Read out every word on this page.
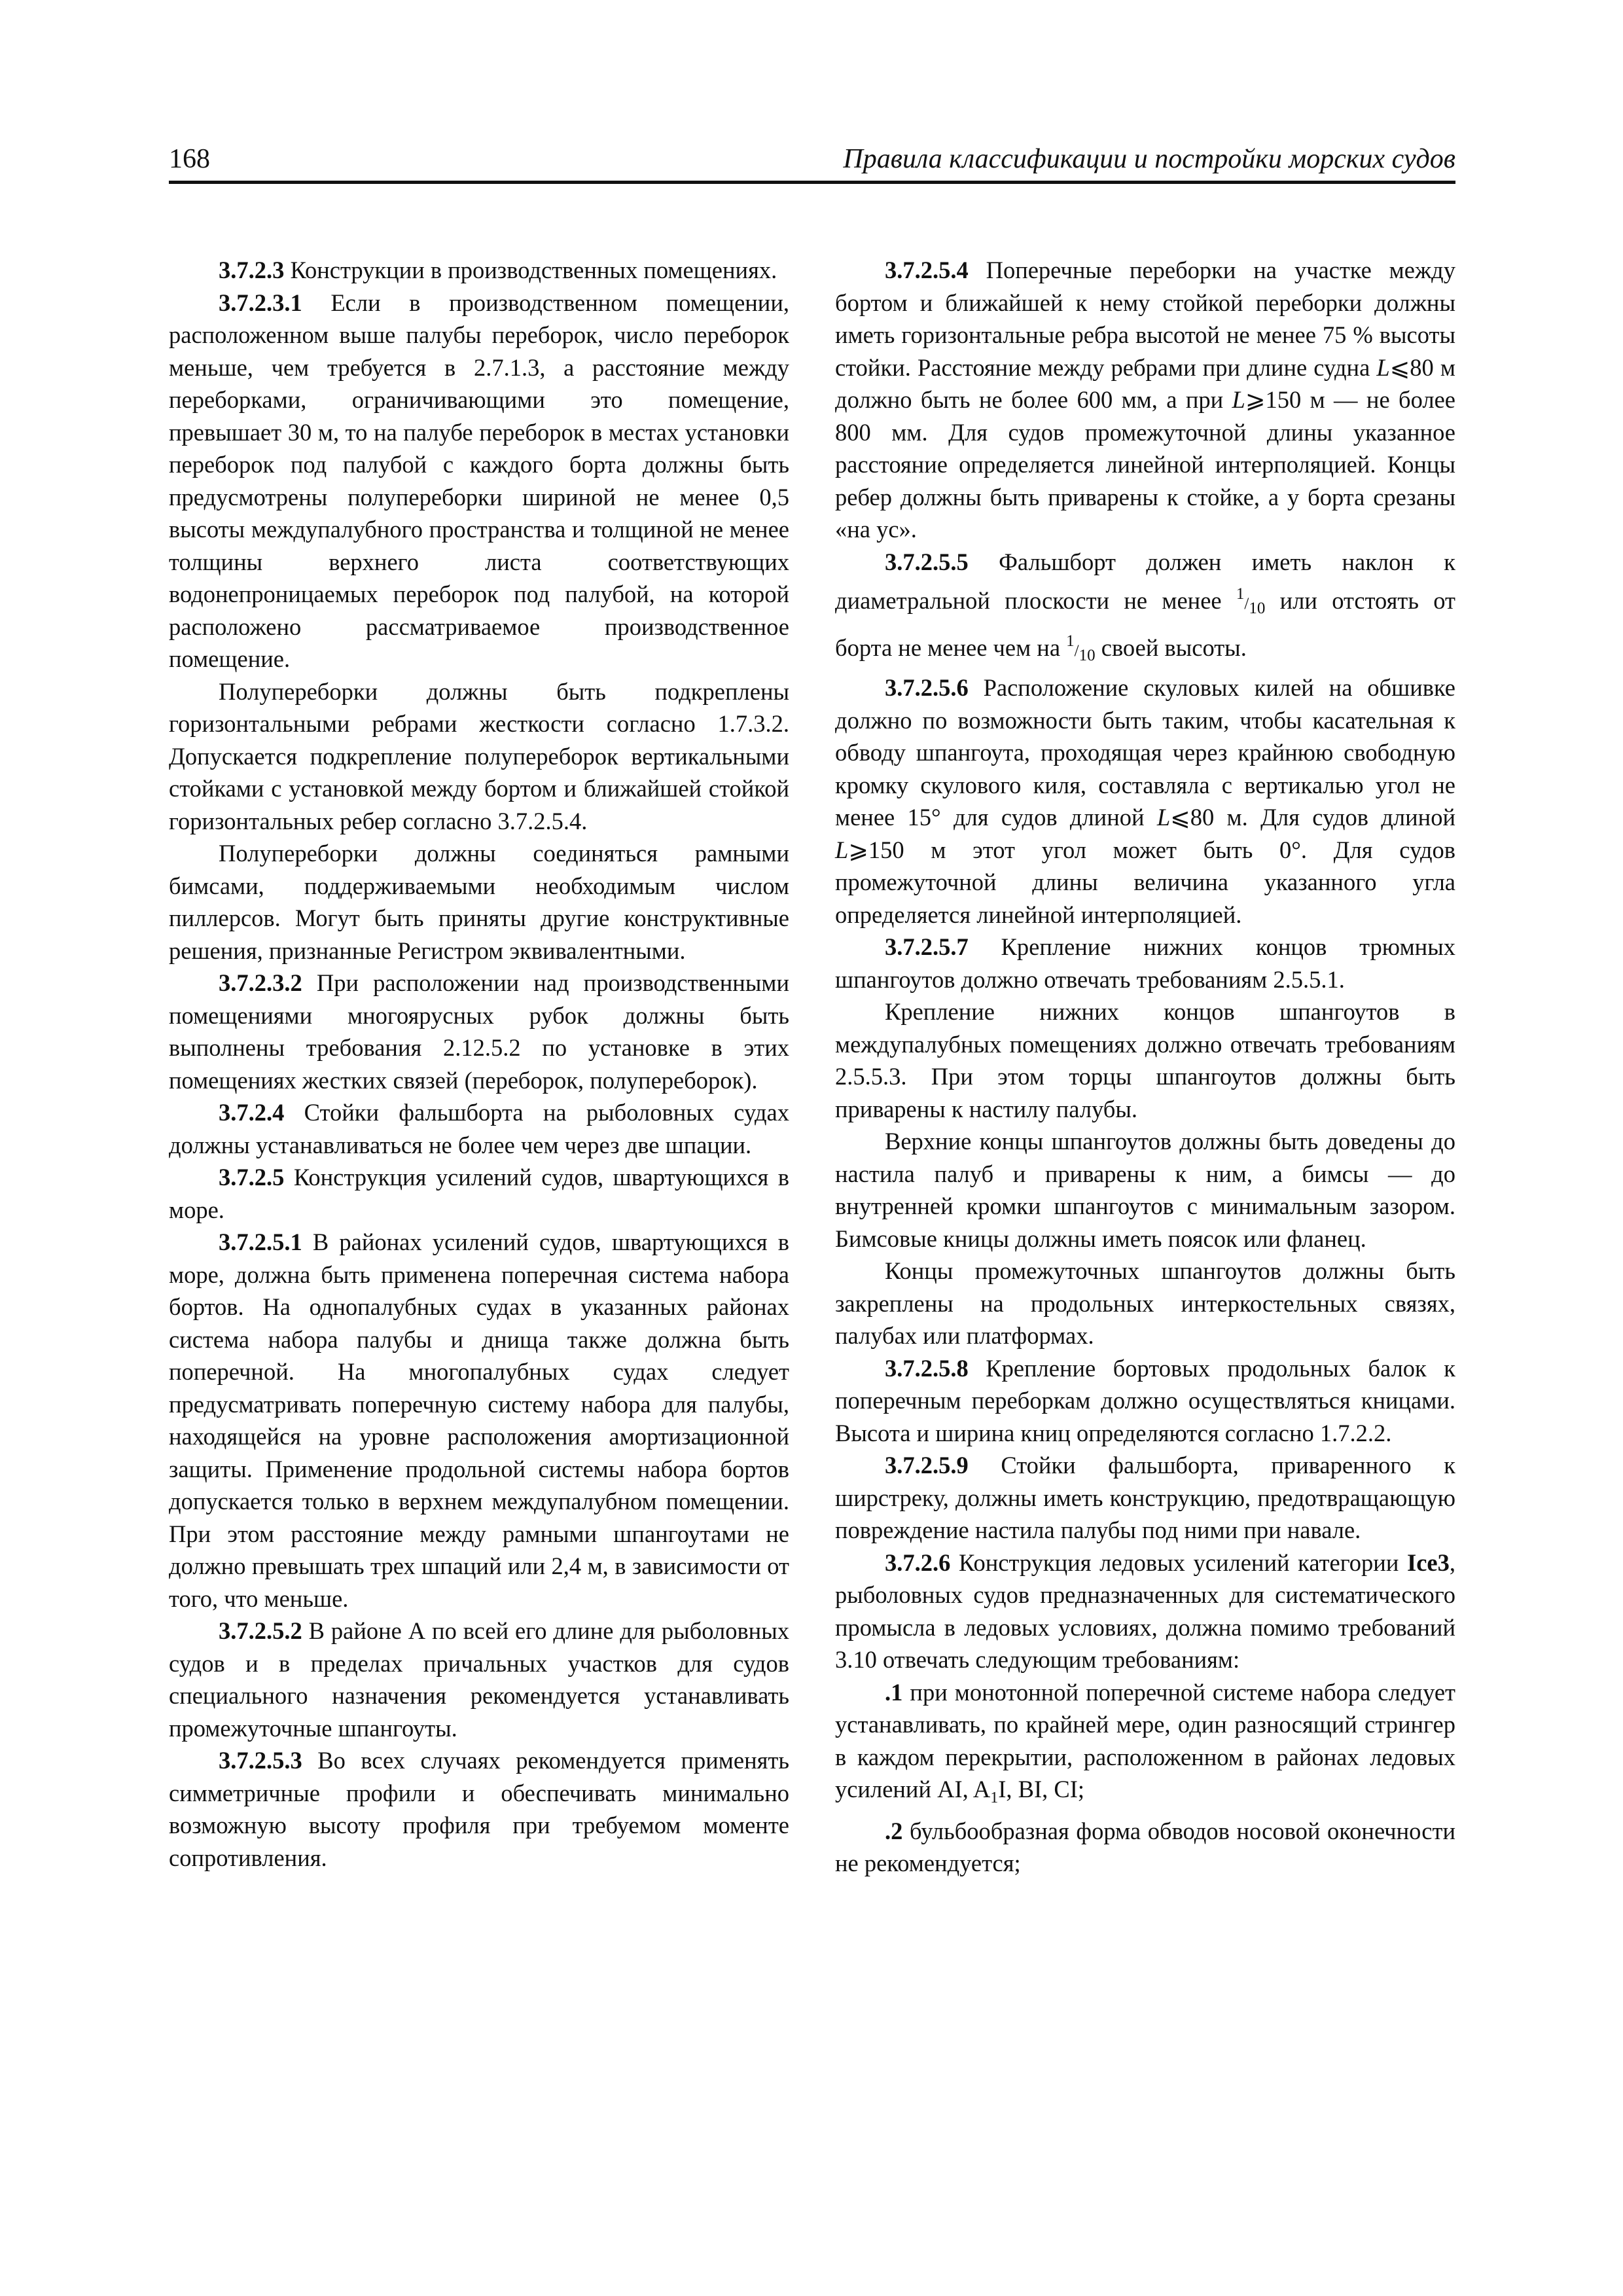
168	Правила классификации и постройки морских судов

3.7.2.3 Конструкции в производственных помещениях.

3.7.2.3.1 Если в производственном помещении, расположенном выше палубы переборок, число переборок меньше, чем требуется в 2.7.1.3, а расстояние между переборками, ограничивающими это помещение, превышает 30 м, то на палубе переборок в местах установки переборок под палубой с каждого борта должны быть предусмотрены полупереборки шириной не менее 0,5 высоты междупалубного пространства и толщиной не менее толщины верхнего листа соответствующих водонепроницаемых переборок под палубой, на которой расположено рассматриваемое производственное помещение.

Полупереборки должны быть подкреплены горизонтальными ребрами жесткости согласно 1.7.3.2. Допускается подкрепление полупереборок вертикальными стойками с установкой между бортом и ближайшей стойкой горизонтальных ребер согласно 3.7.2.5.4.

Полупереборки должны соединяться рамными бимсами, поддерживаемыми необходимым числом пиллерсов. Могут быть приняты другие конструктивные решения, признанные Регистром эквивалентными.

3.7.2.3.2 При расположении над производственными помещениями многоярусных рубок должны быть выполнены требования 2.12.5.2 по установке в этих помещениях жестких связей (переборок, полупереборок).

3.7.2.4 Стойки фальшборта на рыболовных судах должны устанавливаться не более чем через две шпации.

3.7.2.5 Конструкция усилений судов, швартующихся в море.

3.7.2.5.1 В районах усилений судов, швартующихся в море, должна быть применена поперечная система набора бортов. На однопалубных судах в указанных районах система набора палубы и днища также должна быть поперечной. На многопалубных судах следует предусматривать поперечную систему набора для палубы, находящейся на уровне расположения амортизационной защиты. Применение продольной системы набора бортов допускается только в верхнем междупалубном помещении. При этом расстояние между рамными шпангоутами не должно превышать трех шпаций или 2,4 м, в зависимости от того, что меньше.

3.7.2.5.2 В районе А по всей его длине для рыболовных судов и в пределах причальных участков для судов специального назначения рекомендуется устанавливать промежуточные шпангоуты.

3.7.2.5.3 Во всех случаях рекомендуется применять симметричные профили и обеспечивать минимально возможную высоту профиля при требуемом моменте сопротивления.

3.7.2.5.4 Поперечные переборки на участке между бортом и ближайшей к нему стойкой переборки должны иметь горизонтальные ребра высотой не менее 75 % высоты стойки. Расстояние между ребрами при длине судна L⩽80 м должно быть не более 600 мм, а при L⩾150 м — не более 800 мм. Для судов промежуточной длины указанное расстояние определяется линейной интерполяцией. Концы ребер должны быть приварены к стойке, а у борта срезаны «на ус».

3.7.2.5.5 Фальшборт должен иметь наклон к диаметральной плоскости не менее 1/10 или отстоять от борта не менее чем на 1/10 своей высоты.

3.7.2.5.6 Расположение скуловых килей на обшивке должно по возможности быть таким, чтобы касательная к обводу шпангоута, проходящая через крайнюю свободную кромку скулового киля, составляла с вертикалью угол не менее 15° для судов длиной L⩽80 м. Для судов длиной L⩾150 м этот угол может быть 0°. Для судов промежуточной длины величина указанного угла определяется линейной интерполяцией.

3.7.2.5.7 Крепление нижних концов трюмных шпангоутов должно отвечать требованиям 2.5.5.1.

Крепление нижних концов шпангоутов в междупалубных помещениях должно отвечать требованиям 2.5.5.3. При этом торцы шпангоутов должны быть приварены к настилу палубы.

Верхние концы шпангоутов должны быть доведены до настила палуб и приварены к ним, а бимсы — до внутренней кромки шпангоутов с минимальным зазором. Бимсовые кницы должны иметь поясок или фланец.

Концы промежуточных шпангоутов должны быть закреплены на продольных интеркостельных связях, палубах или платформах.

3.7.2.5.8 Крепление бортовых продольных балок к поперечным переборкам должно осуществляться кницами. Высота и ширина книц определяются согласно 1.7.2.2.

3.7.2.5.9 Стойки фальшборта, приваренного к ширстреку, должны иметь конструкцию, предотвращающую повреждение настила палубы под ними при навале.

3.7.2.6 Конструкция ледовых усилений категории Ice3, рыболовных судов предназначенных для систематического промысла в ледовых условиях, должна помимо требований 3.10 отвечать следующим требованиям:

.1 при монотонной поперечной системе набора следует устанавливать, по крайней мере, один разносящий стрингер в каждом перекрытии, расположенном в районах ледовых усилений AI, $A_1I$, BI, CI;

.2 бульбообразная форма обводов носовой оконечности не рекомендуется;
